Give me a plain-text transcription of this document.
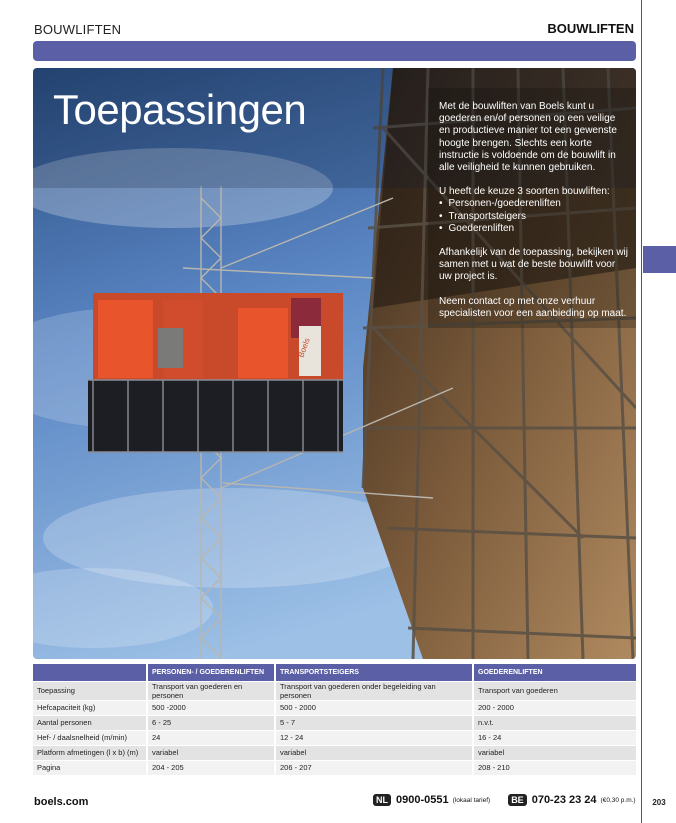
BOUWLIFTEN	BOUWLIFTEN
Boels
Toepassingen	Met de bouwliften van Boels kunt u goederen en/of personen op een veilige en productieve manier tot een gewenste hoogte brengen. Slechts een korte instructie is voldoende om de bouwlift in alle veiligheid te kunnen gebruiken.

U heeft de keuze 3 soorten bouwliften:
• Personen-/goederenliften
• Transportsteigers
• Goederenliften

Afhankelijk van de toepassing, bekijken wij samen met u wat de beste bouwlift voor uw project is.

Neem contact op met onze verhuur specialisten voor een aanbieding op maat.

	PERSONEN- / GOEDERENLIFTEN	TRANSPORTSTEIGERS	GOEDERENLIFTEN
Toepassing	Transport van goederen en personen	Transport van goederen onder begeleiding van personen	Transport van goederen
Hefcapaciteit (kg)	500 -2000	500 - 2000	200 - 2000
Aantal personen	6 - 25	5 - 7	n.v.t.
Hef- / daalsnelheid (m/min)	24	12 - 24	16 - 24
Platform afmetingen (l x b) (m)	variabel	variabel	variabel
Pagina	204 - 205	206 - 207	208 - 210
boels.com	NL 0900-0551 (lokaal tarief)	BE 070-23 23 24 (€0,30 p.m.)	203
